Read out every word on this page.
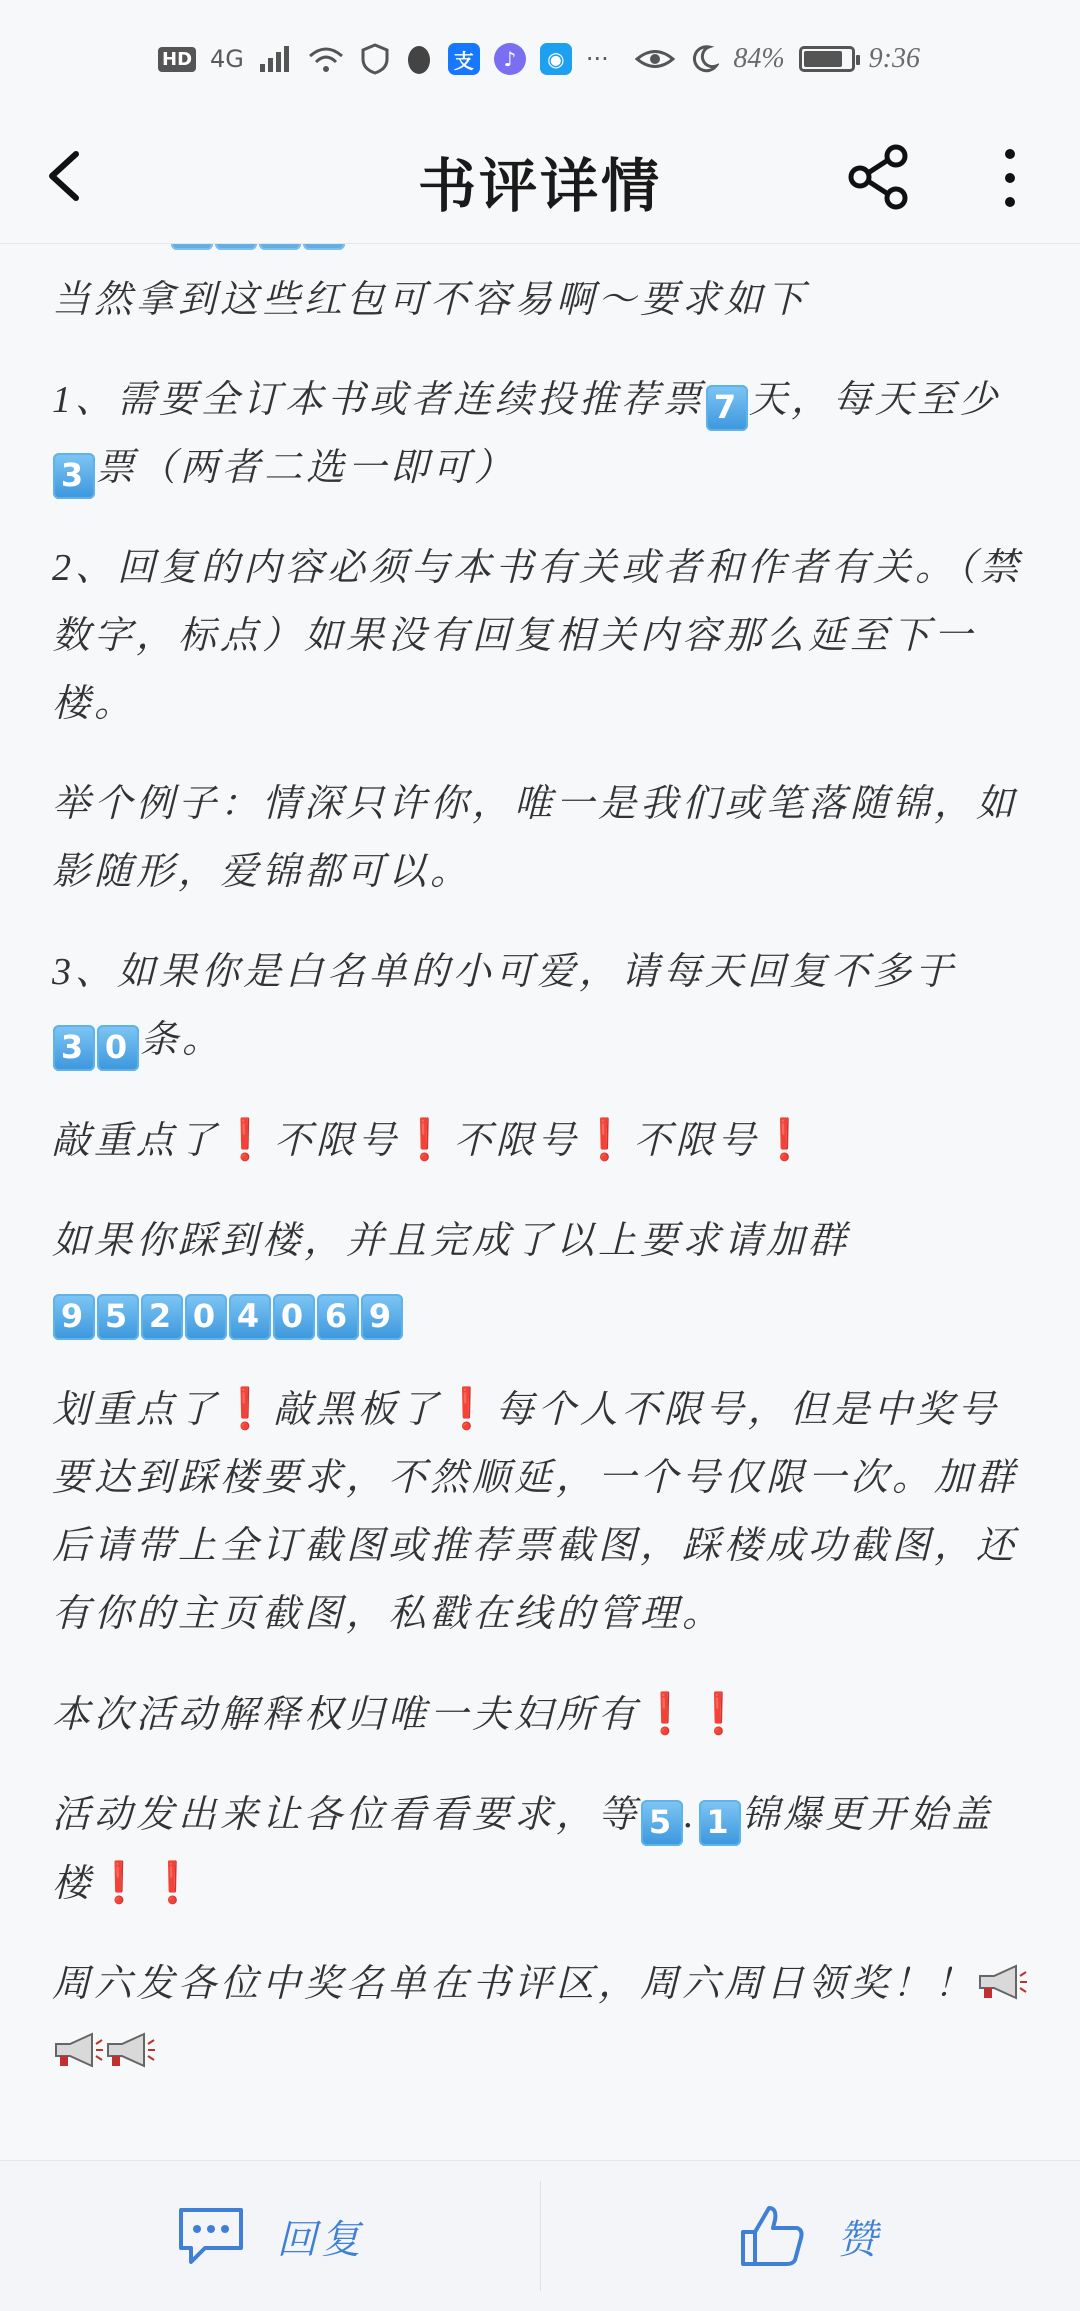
HD 4G	支	♪	◉ ···	84%	9:36
书评详情

当然拿到这些红包可不容易啊～要求如下

1、需要全订本书或者连续投推荐票 7 天，每天至少
3 票（两者二选一即可）

2、回复的内容必须与本书有关或者和作者有关。（禁数字，标点）如果没有回复相关内容那么延至下一楼。

举个例子：情深只许你，唯一是我们或笔落随锦，如影随形，爱锦都可以。

3、如果你是白名单的小可爱，请每天回复不多于
3 0 条。

敲重点了❗不限号❗不限号❗不限号❗

如果你踩到楼，并且完成了以上要求请加群
9 5 2 0 4 0 6 9

划重点了❗敲黑板了❗每个人不限号，但是中奖号要达到踩楼要求，不然顺延，一个号仅限一次。加群后请带上全订截图或推荐票截图，踩楼成功截图，还有你的主页截图，私戳在线的管理。

本次活动解释权归唯一夫妇所有❗❗

活动发出来让各位看看要求，等 5 . 1 锦爆更开始盖楼❗❗

周六发各位中奖名单在书评区，周六周日领奖！！

回复	赞
